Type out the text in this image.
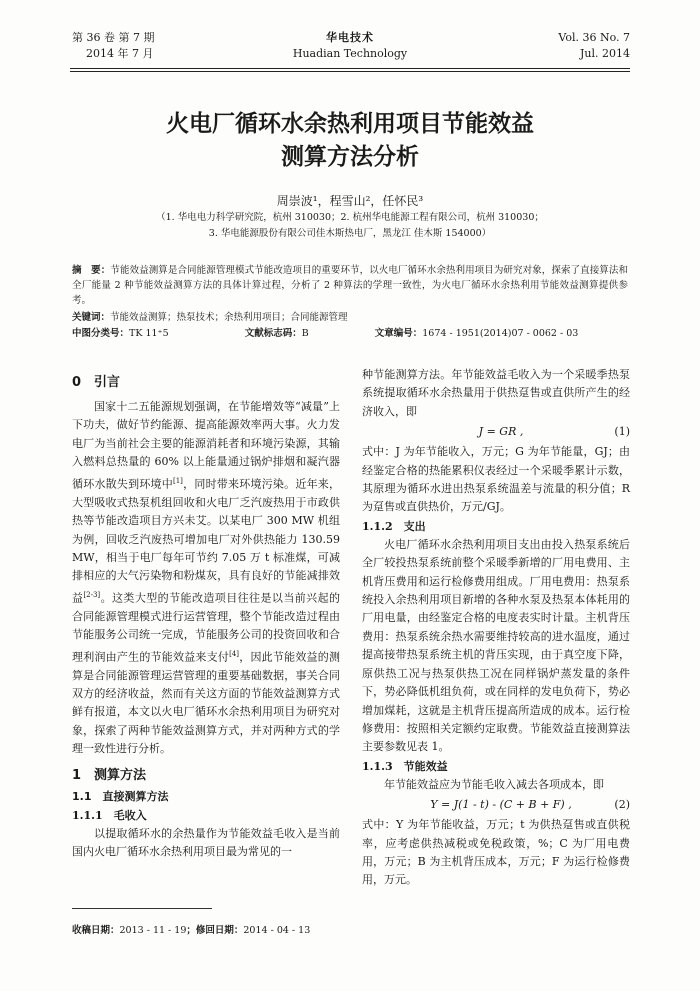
第 36 卷 第 7 期
2014 年 7 月
华电技术
Huadian Technology
Vol. 36 No. 7
Jul. 2014
火电厂循环水余热利用项目节能效益
测算方法分析
周崇波¹，程雪山²，任怀民³
（1. 华电电力科学研究院，杭州 310030；2. 杭州华电能源工程有限公司，杭州 310030；
3. 华电能源股份有限公司佳木斯热电厂，黑龙江 佳木斯 154000）
摘　要：节能效益测算是合同能源管理模式节能改造项目的重要环节，以火电厂循环水余热利用项目为研究对象，探索了直接算法和全厂能量 2 种节能效益测算方法的具体计算过程，分析了 2 种算法的学理一致性，为火电厂循环水余热利用节能效益测算提供参考。
关键词：节能效益测算；热泵技术；余热利用项目；合同能源管理
中图分类号：TK 11⁺5	文献标志码：B	文章编号：1674 - 1951(2014)07 - 0062 - 03
0　引言

国家十二五能源规划强调，在节能增效等“减量”上下功夫，做好节约能源、提高能源效率两大事。火力发电厂为当前社会主要的能源消耗者和环境污染源，其输入燃料总热量的 60% 以上能量通过锅炉排烟和凝汽器循环水散失到环境中[1]，同时带来环境污染。近年来，大型吸收式热泵机组回收和火电厂乏汽废热用于市政供热等节能改造项目方兴未艾。以某电厂 300 MW 机组为例，回收乏汽废热可增加电厂对外供热能力 130.59 MW，相当于电厂每年可节约 7.05 万 t 标准煤，可减排相应的大气污染物和粉煤灰，具有良好的节能减排效益[2-3]。这类大型的节能改造项目往往是以当前兴起的合同能源管理模式进行运营管理，整个节能改造过程由节能服务公司统一完成，节能服务公司的投资回收和合理利润由产生的节能效益来支付[4]，因此节能效益的测算是合同能源管理运营管理的重要基础数据，事关合同双方的经济收益，然而有关这方面的节能效益测算方式鲜有报道，本文以火电厂循环水余热利用项目为研究对象，探索了两种节能效益测算方式，并对两种方式的学理一致性进行分析。

1　测算方法
1.1　直接测算方法
1.1.1　毛收入

以提取循环水的余热量作为节能效益毛收入是当前国内火电厂循环水余热利用项目最为常见的一

种节能测算方法。年节能效益毛收入为一个采暖季热泵系统提取循环水余热量用于供热趸售或直供所产生的经济收入，即

J = GR ,	(1)

式中：J 为年节能收入，万元；G 为年节能量，GJ；由经鉴定合格的热能累积仪表经过一个采暖季累计示数，其原理为循环水进出热泵系统温差与流量的积分值；R 为趸售或直供热价，万元/GJ。

1.1.2　支出

火电厂循环水余热利用项目支出由投入热泵系统后全厂较投热泵系统前整个采暖季新增的厂用电费用、主机背压费用和运行检修费用组成。厂用电费用：热泵系统投入余热利用项目新增的各种水泵及热泵本体耗用的厂用电量，由经鉴定合格的电度表实时计量。主机背压费用：热泵系统余热水需要维持较高的进水温度，通过提高接带热泵系统主机的背压实现，由于真空度下降，原供热工况与热泵供热工况在同样锅炉蒸发量的条件下，势必降低机组负荷，或在同样的发电负荷下，势必增加煤耗，这就是主机背压提高所造成的成本。运行检修费用：按照相关定额约定取费。节能效益直接测算法主要参数见表 1。

1.1.3　节能效益

年节能效益应为节能毛收入减去各项成本，即

Y = J(1 - t) - (C + B + F) ,	(2)

式中：Y 为年节能收益，万元；t 为供热趸售或直供税率，应考虑供热减税或免税政策，%；C 为厂用电费用，万元；B 为主机背压成本，万元；F 为运行检修费用，万元。

收稿日期：2013 - 11 - 19；修回日期：2014 - 04 - 13
